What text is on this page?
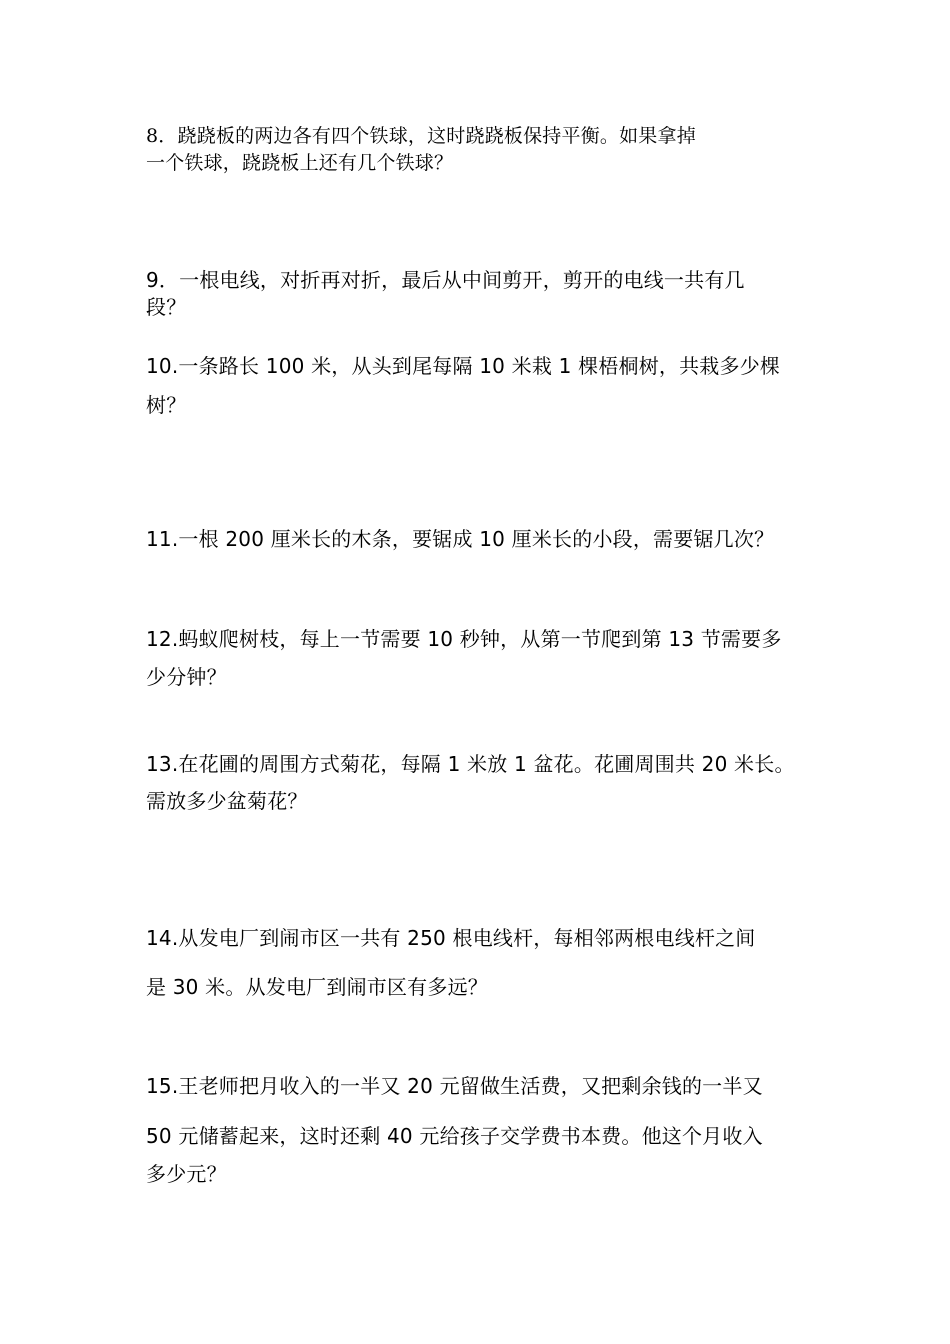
8．跷跷板的两边各有四个铁球，这时跷跷板保持平衡。如果拿掉
一个铁球，跷跷板上还有几个铁球？
9．一根电线，对折再对折，最后从中间剪开，剪开的电线一共有几
段？
10.一条路长 100 米，从头到尾每隔 10 米栽 1 棵梧桐树，共栽多少棵
树？
11.一根 200 厘米长的木条，要锯成 10 厘米长的小段，需要锯几次？
12.蚂蚁爬树枝，每上一节需要 10 秒钟，从第一节爬到第 13 节需要多
少分钟？
13.在花圃的周围方式菊花，每隔 1 米放 1 盆花。花圃周围共 20 米长。
需放多少盆菊花？
14.从发电厂到闹市区一共有 250 根电线杆，每相邻两根电线杆之间
是 30 米。从发电厂到闹市区有多远？
15.王老师把月收入的一半又 20 元留做生活费，又把剩余钱的一半又
50 元储蓄起来，这时还剩 40 元给孩子交学费书本费。他这个月收入
多少元？
